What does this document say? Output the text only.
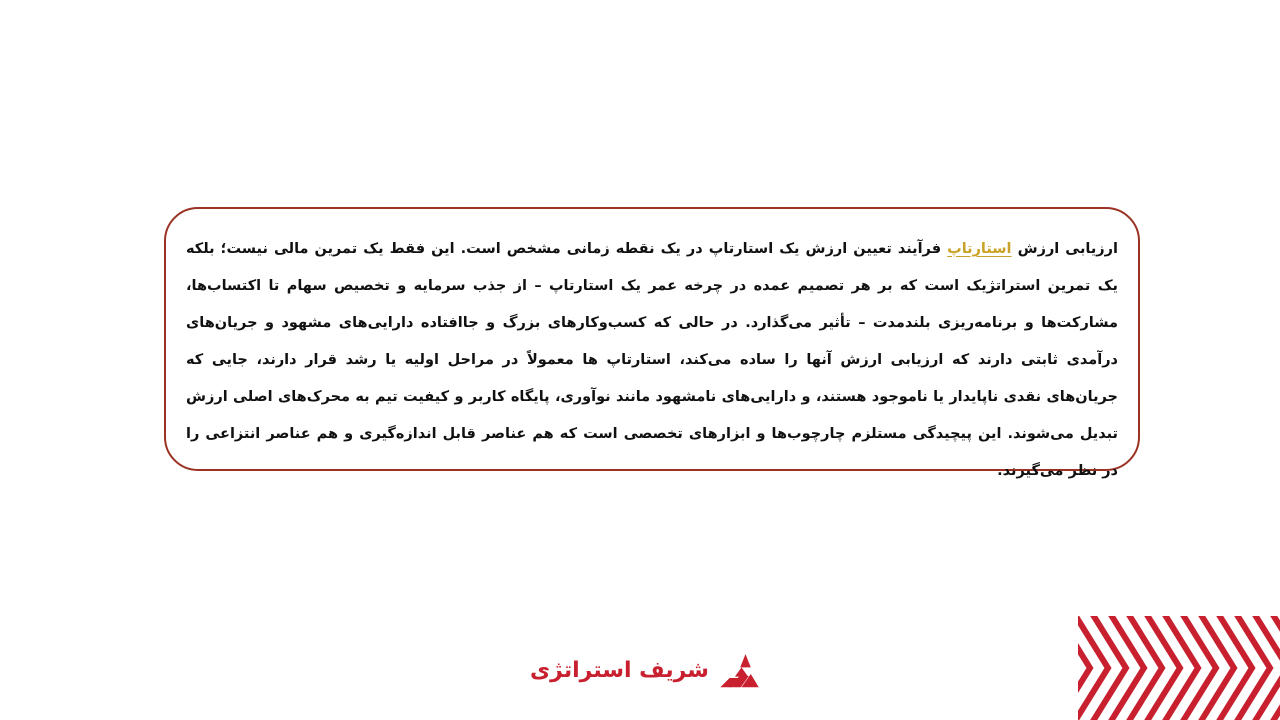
ارزیابی ارزش استارتاپ فرآیند تعیین ارزش یک استارتاپ در یک نقطه زمانی مشخص است. این فقط یک تمرین مالی نیست؛ بلکه یک تمرین استراتژیک است که بر هر تصمیم عمده در چرخه عمر یک استارتاپ – از جذب سرمایه و تخصیص سهام تا اکتساب‌ها، مشارکت‌ها و برنامه‌ریزی بلندمدت – تأثیر می‌گذارد. در حالی که کسب‌وکارهای بزرگ و جاافتاده دارایی‌های مشهود و جریان‌های درآمدی ثابتی دارند که ارزیابی ارزش آنها را ساده می‌کند، استارتاپ ها معمولاً در مراحل اولیه یا رشد قرار دارند، جایی که جریان‌های نقدی ناپایدار یا ناموجود هستند، و دارایی‌های نامشهود مانند نوآوری، پایگاه کاربر و کیفیت تیم به محرک‌های اصلی ارزش تبدیل می‌شوند. این پیچیدگی مستلزم چارچوب‌ها و ابزارهای تخصصی است که هم عناصر قابل اندازه‌گیری و هم عناصر انتزاعی را در نظر می‌گیرند.

شریف استراتژی
